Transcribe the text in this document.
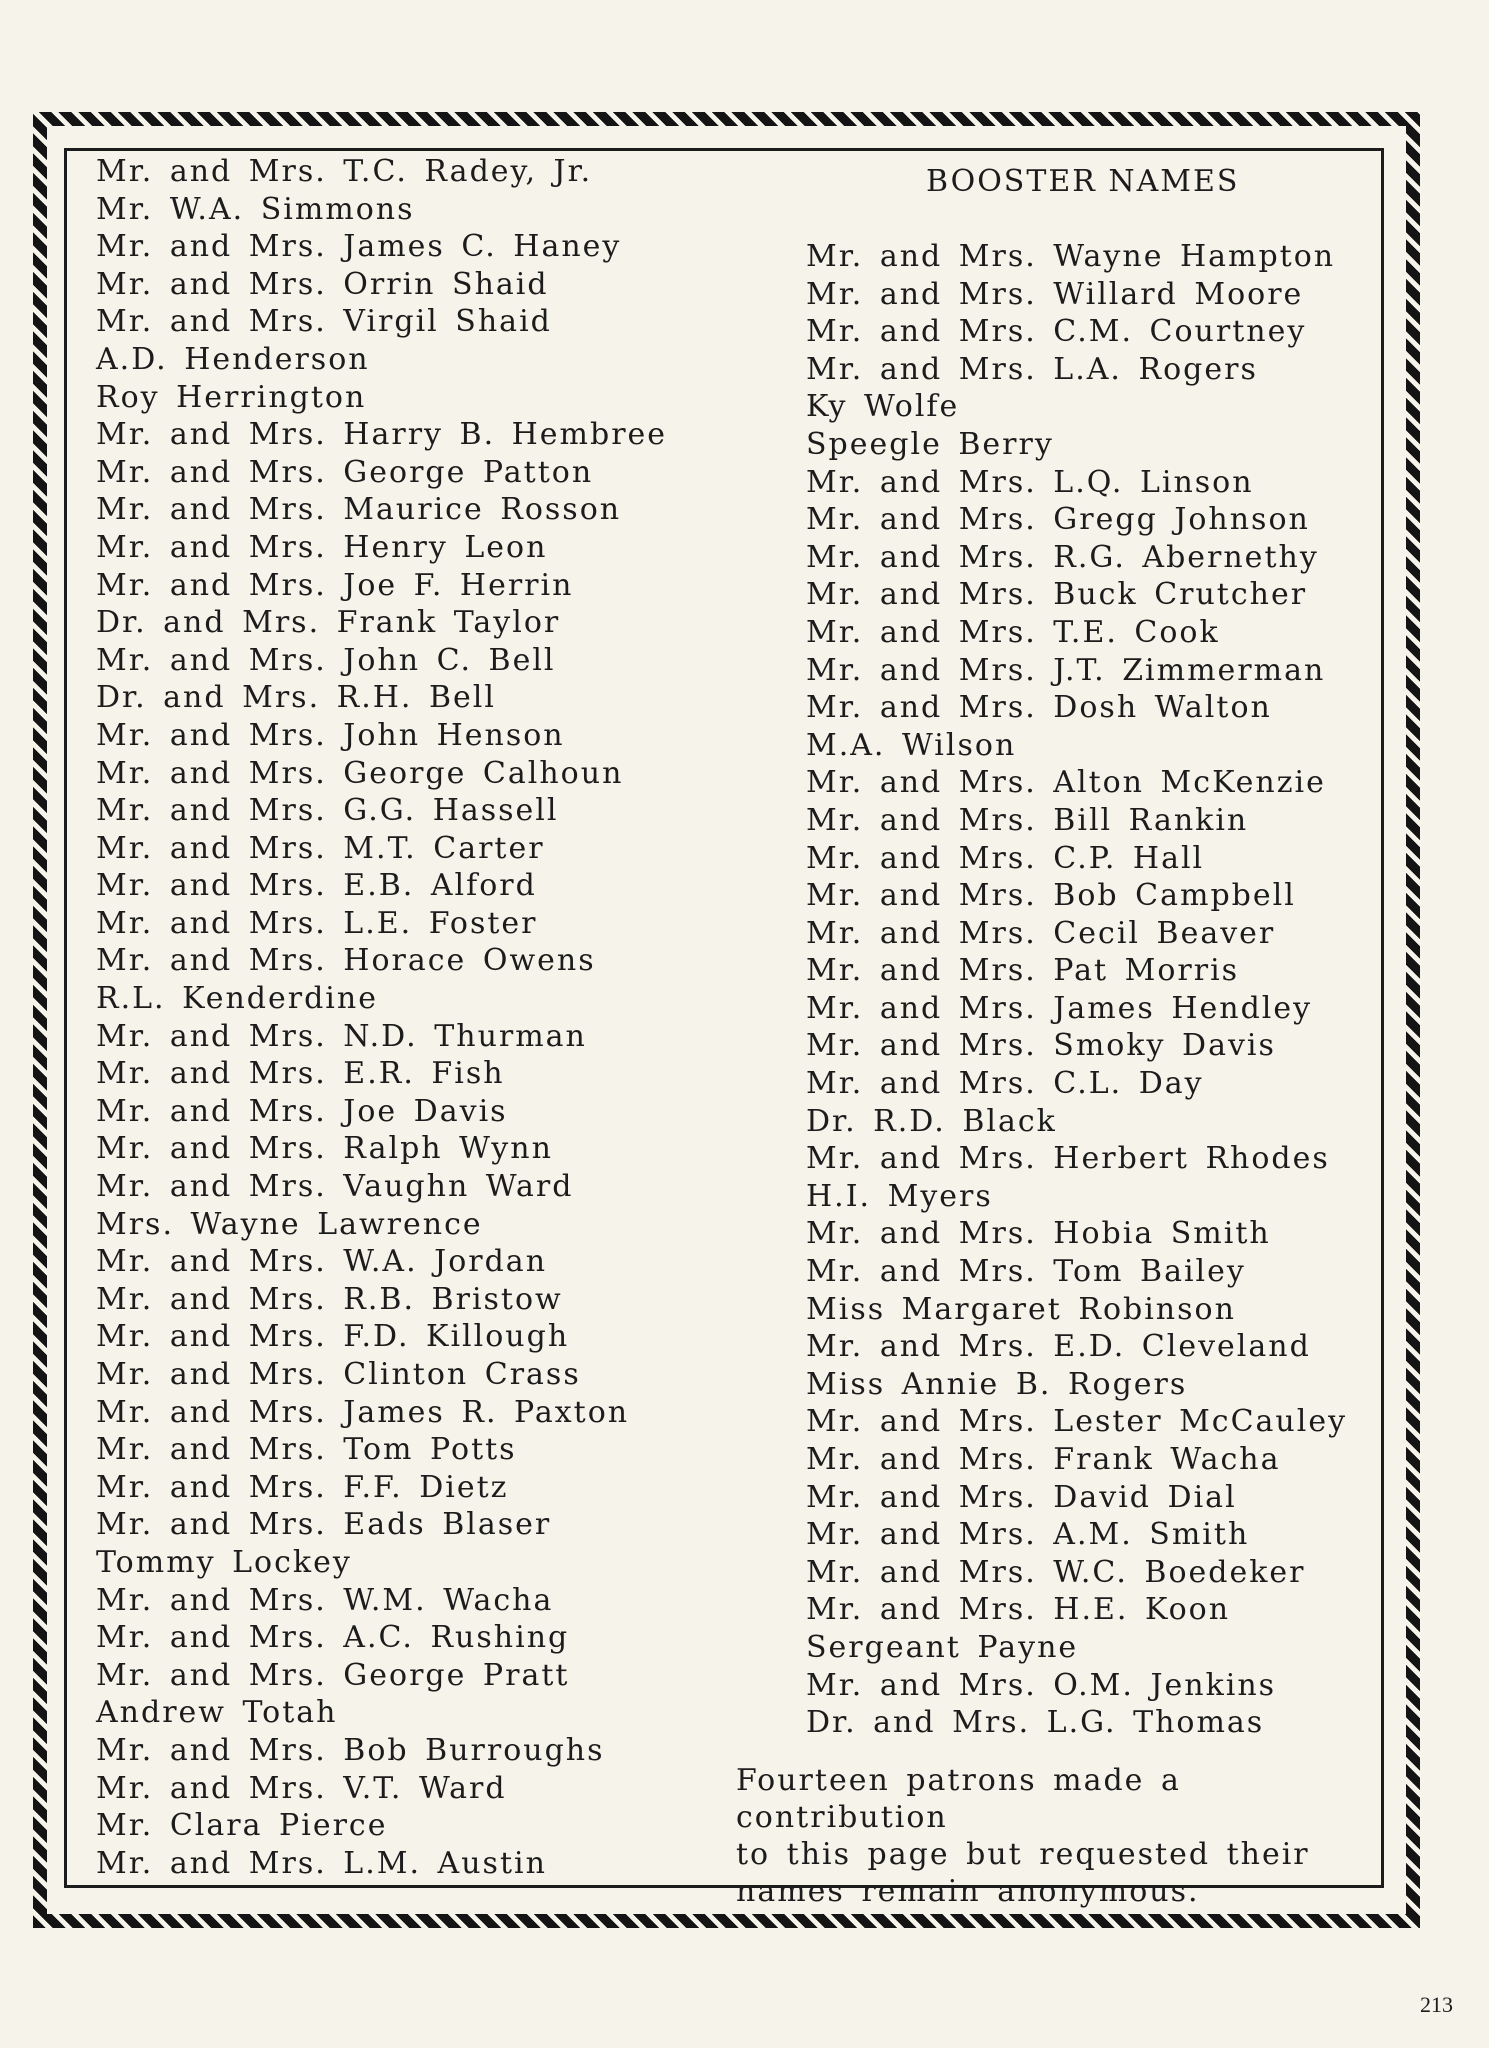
BOOSTER NAMES
Mr. and Mrs. T.C. Radey, Jr.
Mr. W.A. Simmons
Mr. and Mrs. James C. Haney
Mr. and Mrs. Orrin Shaid
Mr. and Mrs. Virgil Shaid
A.D. Henderson
Roy Herrington
Mr. and Mrs. Harry B. Hembree
Mr. and Mrs. George Patton
Mr. and Mrs. Maurice Rosson
Mr. and Mrs. Henry Leon
Mr. and Mrs. Joe F. Herrin
Dr. and Mrs. Frank Taylor
Mr. and Mrs. John C. Bell
Dr. and Mrs. R.H. Bell
Mr. and Mrs. John Henson
Mr. and Mrs. George Calhoun
Mr. and Mrs. G.G. Hassell
Mr. and Mrs. M.T. Carter
Mr. and Mrs. E.B. Alford
Mr. and Mrs. L.E. Foster
Mr. and Mrs. Horace Owens
R.L. Kenderdine
Mr. and Mrs. N.D. Thurman
Mr. and Mrs. E.R. Fish
Mr. and Mrs. Joe Davis
Mr. and Mrs. Ralph Wynn
Mr. and Mrs. Vaughn Ward
Mrs. Wayne Lawrence
Mr. and Mrs. W.A. Jordan
Mr. and Mrs. R.B. Bristow
Mr. and Mrs. F.D. Killough
Mr. and Mrs. Clinton Crass
Mr. and Mrs. James R. Paxton
Mr. and Mrs. Tom Potts
Mr. and Mrs. F.F. Dietz
Mr. and Mrs. Eads Blaser
Tommy Lockey
Mr. and Mrs. W.M. Wacha
Mr. and Mrs. A.C. Rushing
Mr. and Mrs. George Pratt
Andrew Totah
Mr. and Mrs. Bob Burroughs
Mr. and Mrs. V.T. Ward
Mr. Clara Pierce
Mr. and Mrs. L.M. Austin
Mr. and Mrs. Wayne Hampton
Mr. and Mrs. Willard Moore
Mr. and Mrs. C.M. Courtney
Mr. and Mrs. L.A. Rogers
Ky Wolfe
Speegle Berry
Mr. and Mrs. L.Q. Linson
Mr. and Mrs. Gregg Johnson
Mr. and Mrs. R.G. Abernethy
Mr. and Mrs. Buck Crutcher
Mr. and Mrs. T.E. Cook
Mr. and Mrs. J.T. Zimmerman
Mr. and Mrs. Dosh Walton
M.A. Wilson
Mr. and Mrs. Alton McKenzie
Mr. and Mrs. Bill Rankin
Mr. and Mrs. C.P. Hall
Mr. and Mrs. Bob Campbell
Mr. and Mrs. Cecil Beaver
Mr. and Mrs. Pat Morris
Mr. and Mrs. James Hendley
Mr. and Mrs. Smoky Davis
Mr. and Mrs. C.L. Day
Dr. R.D. Black
Mr. and Mrs. Herbert Rhodes
H.I. Myers
Mr. and Mrs. Hobia Smith
Mr. and Mrs. Tom Bailey
Miss Margaret Robinson
Mr. and Mrs. E.D. Cleveland
Miss Annie B. Rogers
Mr. and Mrs. Lester McCauley
Mr. and Mrs. Frank Wacha
Mr. and Mrs. David Dial
Mr. and Mrs. A.M. Smith
Mr. and Mrs. W.C. Boedeker
Mr. and Mrs. H.E. Koon
Sergeant Payne
Mr. and Mrs. O.M. Jenkins
Dr. and Mrs. L.G. Thomas
Fourteen patrons made a contribution
to this page but requested their
names remain anonymous.
213
